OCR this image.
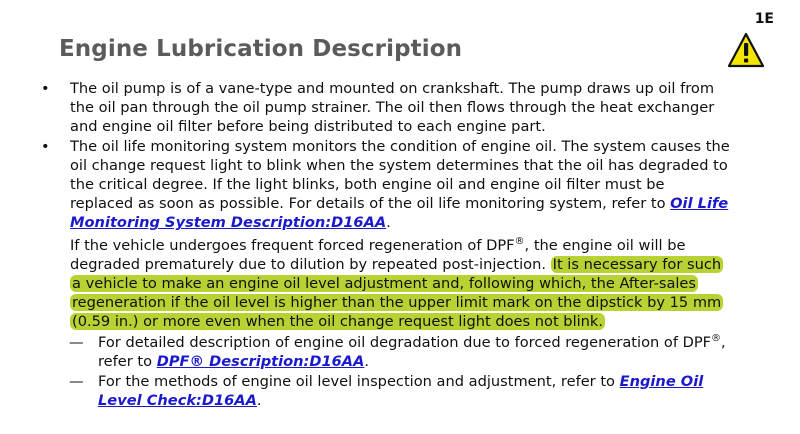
1E
Engine Lubrication Description
• The oil pump is of a vane-type and mounted on crankshaft. The pump draws up oil from
the oil pan through the oil pump strainer. The oil then flows through the heat exchanger
and engine oil filter before being distributed to each engine part.
• The oil life monitoring system monitors the condition of engine oil. The system causes the
oil change request light to blink when the system determines that the oil has degraded to
the critical degree. If the light blinks, both engine oil and engine oil filter must be
replaced as soon as possible. For details of the oil life monitoring system, refer to Oil Life
Monitoring System Description:D16AA.
If the vehicle undergoes frequent forced regeneration of DPF®, the engine oil will be
degraded prematurely due to dilution by repeated post-injection. It is necessary for such
a vehicle to make an engine oil level adjustment and, following which, the After-sales
regeneration if the oil level is higher than the upper limit mark on the dipstick by 15 mm
(0.59 in.) or more even when the oil change request light does not blink.
— For detailed description of engine oil degradation due to forced regeneration of DPF®,
refer to DPF® Description:D16AA.
— For the methods of engine oil level inspection and adjustment, refer to Engine Oil
Level Check:D16AA.
